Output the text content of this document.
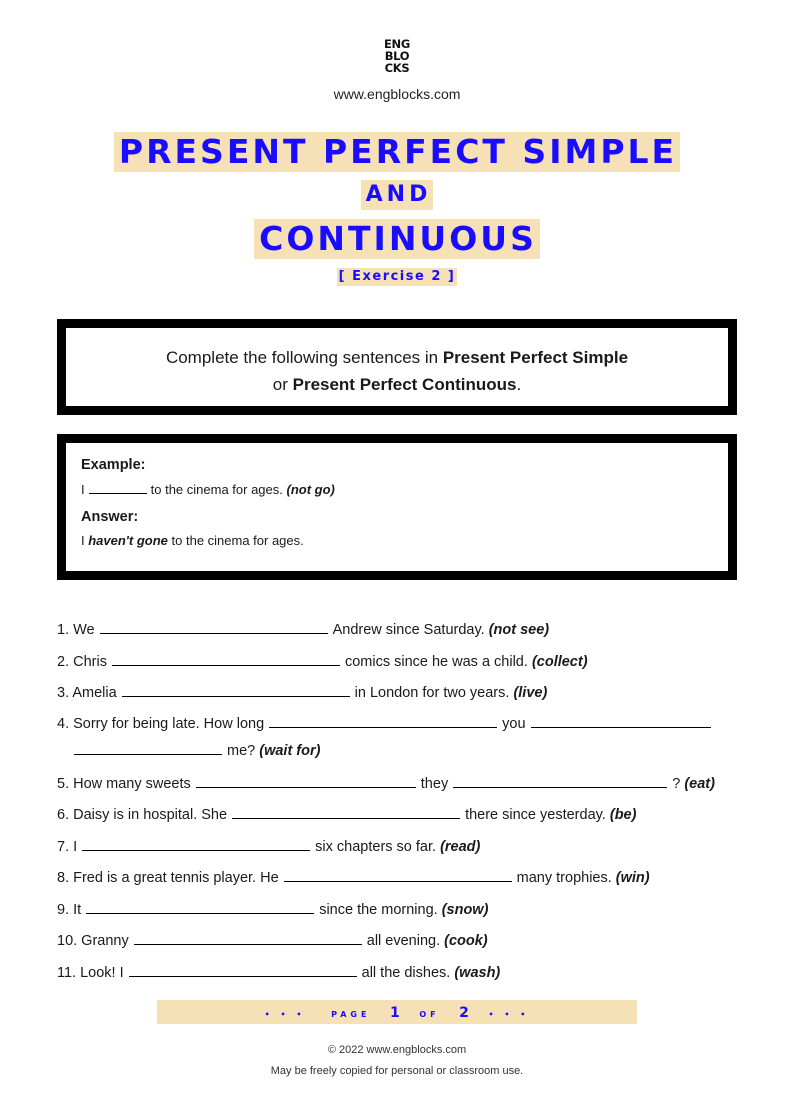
ENG
BLO
CKS
www.engblocks.com
PRESENT PERFECT SIMPLE
AND
CONTINUOUS
[ Exercise 2 ]
Complete the following sentences in Present Perfect Simple
or Present Perfect Continuous.
Example:
I	to the cinema for ages. (not go)
Answer:
I haven't gone to the cinema for ages.
1. We	Andrew since Saturday. (not see)
2. Chris	comics since he was a child. (collect)
3. Amelia	in London for two years. (live)
4. Sorry for being late. How long	you
me? (wait for)
5. How many sweets	they	? (eat)
6. Daisy is in hospital. She	there since yesterday. (be)
7. I	six chapters so far. (read)
8. Fred is a great tennis player. He	many trophies. (win)
9. It	since the morning. (snow)
10. Granny	all evening. (cook)
11. Look! I	all the dishes. (wash)
• • •	PAGE 1 OF 2 • • •
© 2022 www.engblocks.com
May be freely copied for personal or classroom use.
